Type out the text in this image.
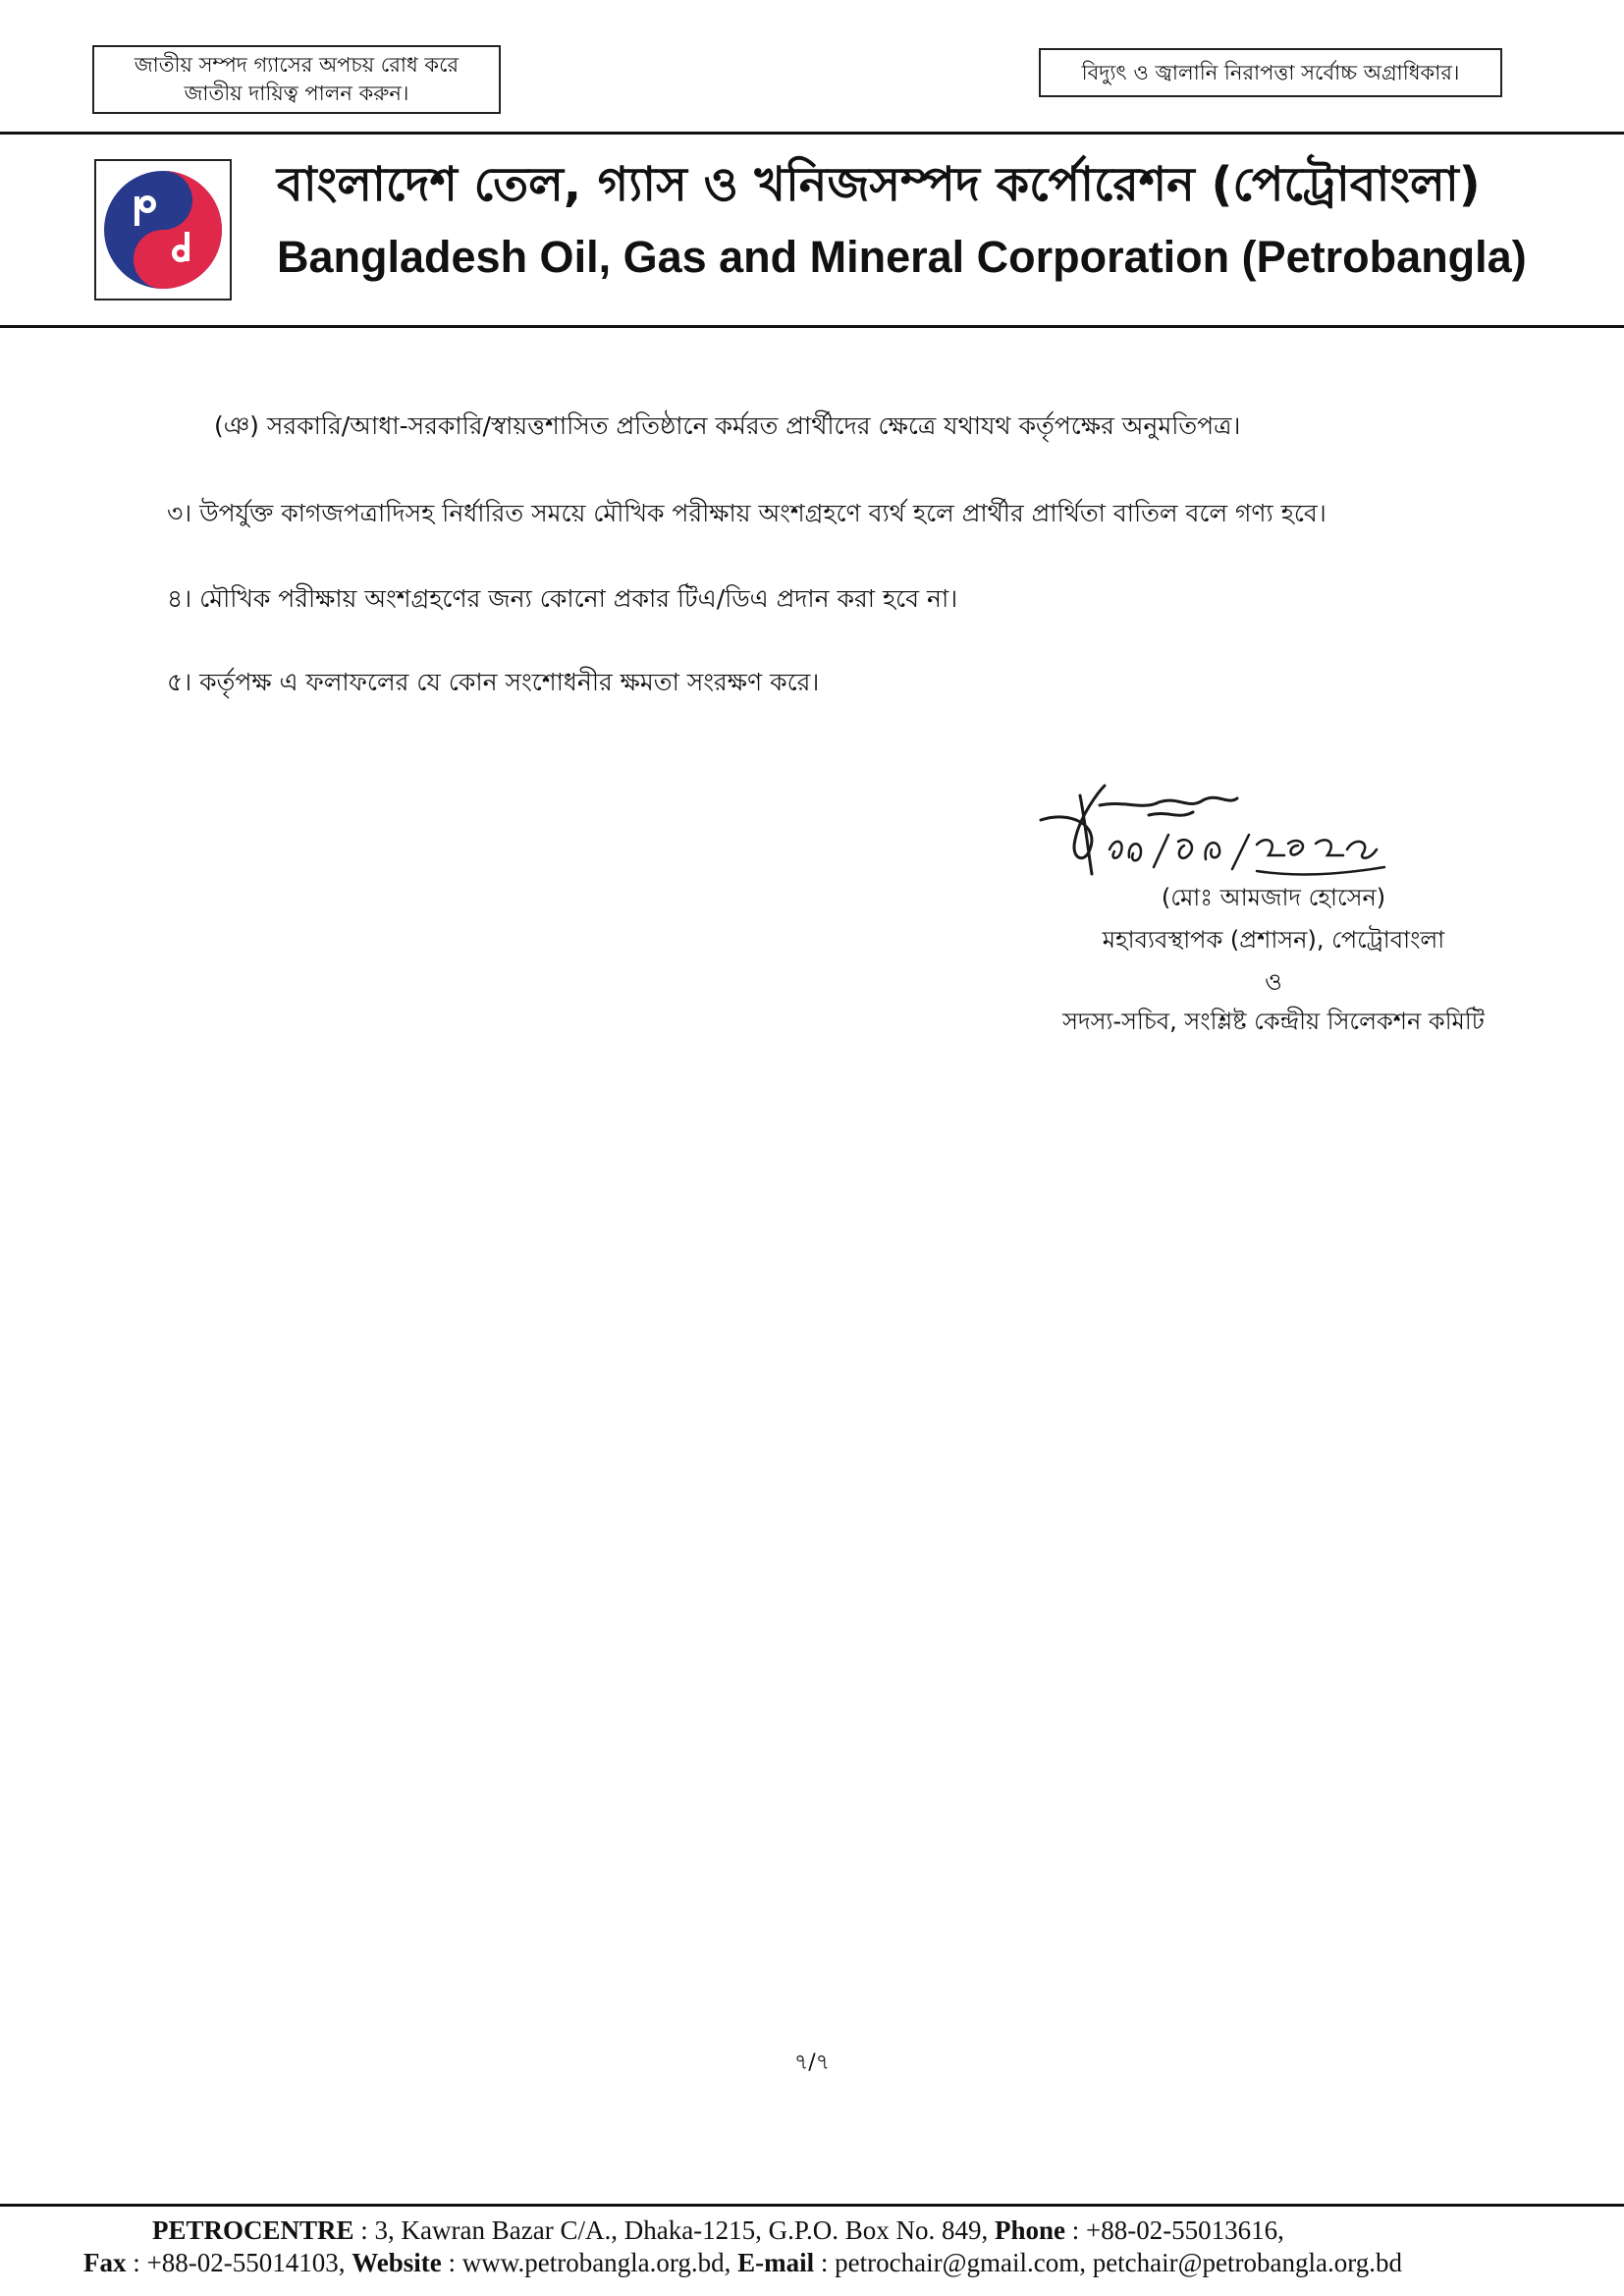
জাতীয় সম্পদ গ্যাসের অপচয় রোধ করে
জাতীয় দায়িত্ব পালন করুন।
বিদ্যুৎ ও জ্বালানি নিরাপত্তা সর্বোচ্চ অগ্রাধিকার।
বাংলাদেশ তেল, গ্যাস ও খনিজসম্পদ কর্পোরেশন (পেট্রোবাংলা)
Bangladesh Oil, Gas and Mineral Corporation (Petrobangla)
(ঞ) সরকারি/আধা-সরকারি/স্বায়ত্তশাসিত প্রতিষ্ঠানে কর্মরত প্রার্থীদের ক্ষেত্রে যথাযথ কর্তৃপক্ষের অনুমতিপত্র।
৩। উপর্যুক্ত কাগজপত্রাদিসহ নির্ধারিত সময়ে মৌখিক পরীক্ষায় অংশগ্রহণে ব্যর্থ হলে প্রার্থীর প্রার্থিতা বাতিল বলে গণ্য হবে।
৪। মৌখিক পরীক্ষায় অংশগ্রহণের জন্য কোনো প্রকার টিএ/ডিএ প্রদান করা হবে না।
৫। কর্তৃপক্ষ এ ফলাফলের যে কোন সংশোধনীর ক্ষমতা সংরক্ষণ করে।
(মোঃ আমজাদ হোসেন)
মহাব্যবস্থাপক (প্রশাসন), পেট্রোবাংলা
ও
সদস্য-সচিব, সংশ্লিষ্ট কেন্দ্রীয় সিলেকশন কমিটি
৭/৭
PETROCENTRE : 3, Kawran Bazar C/A., Dhaka-1215, G.P.O. Box No. 849, Phone : +88-02-55013616,
Fax : +88-02-55014103, Website : www.petrobangla.org.bd, E-mail : petrochair@gmail.com, petchair@petrobangla.org.bd
